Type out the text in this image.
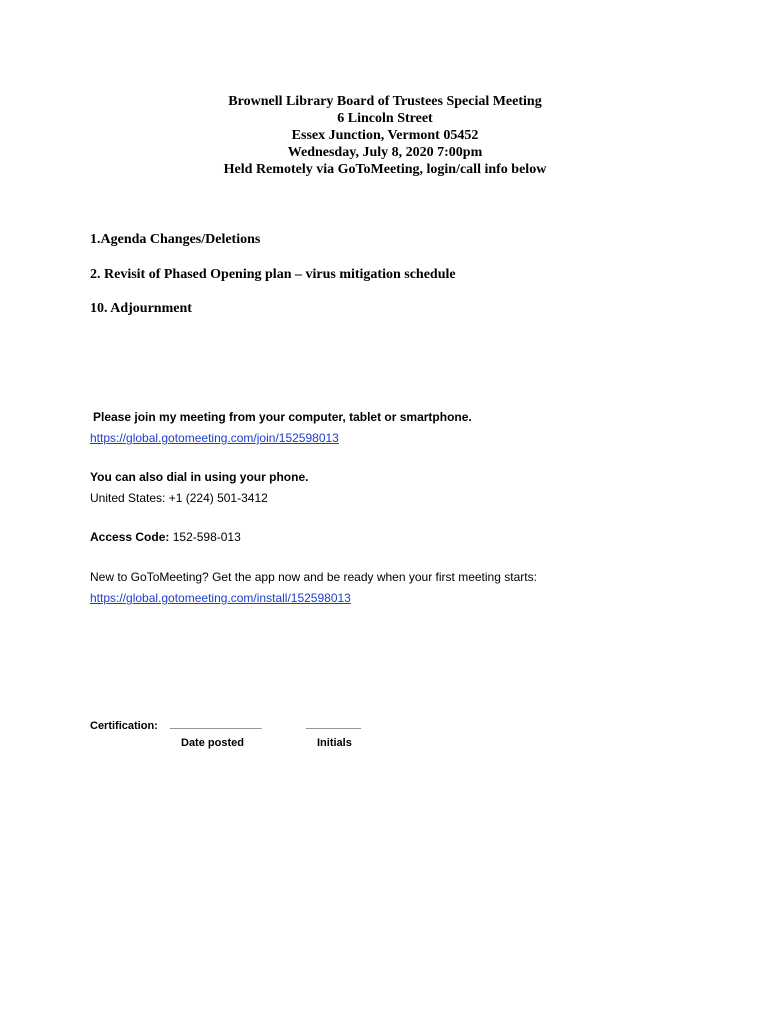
Brownell Library Board of Trustees Special Meeting
6 Lincoln Street
Essex Junction, Vermont 05452
Wednesday, July 8, 2020 7:00pm
Held Remotely via GoToMeeting, login/call info below
1.Agenda Changes/Deletions
2. Revisit of Phased Opening plan – virus mitigation schedule
10. Adjournment
Please join my meeting from your computer, tablet or smartphone.
https://global.gotomeeting.com/join/152598013
You can also dial in using your phone.
United States: +1 (224) 501-3412
Access Code: 152-598-013
New to GoToMeeting? Get the app now and be ready when your first meeting starts:
https://global.gotomeeting.com/install/152598013
Certification: _______________	_________
Date posted	Initials
